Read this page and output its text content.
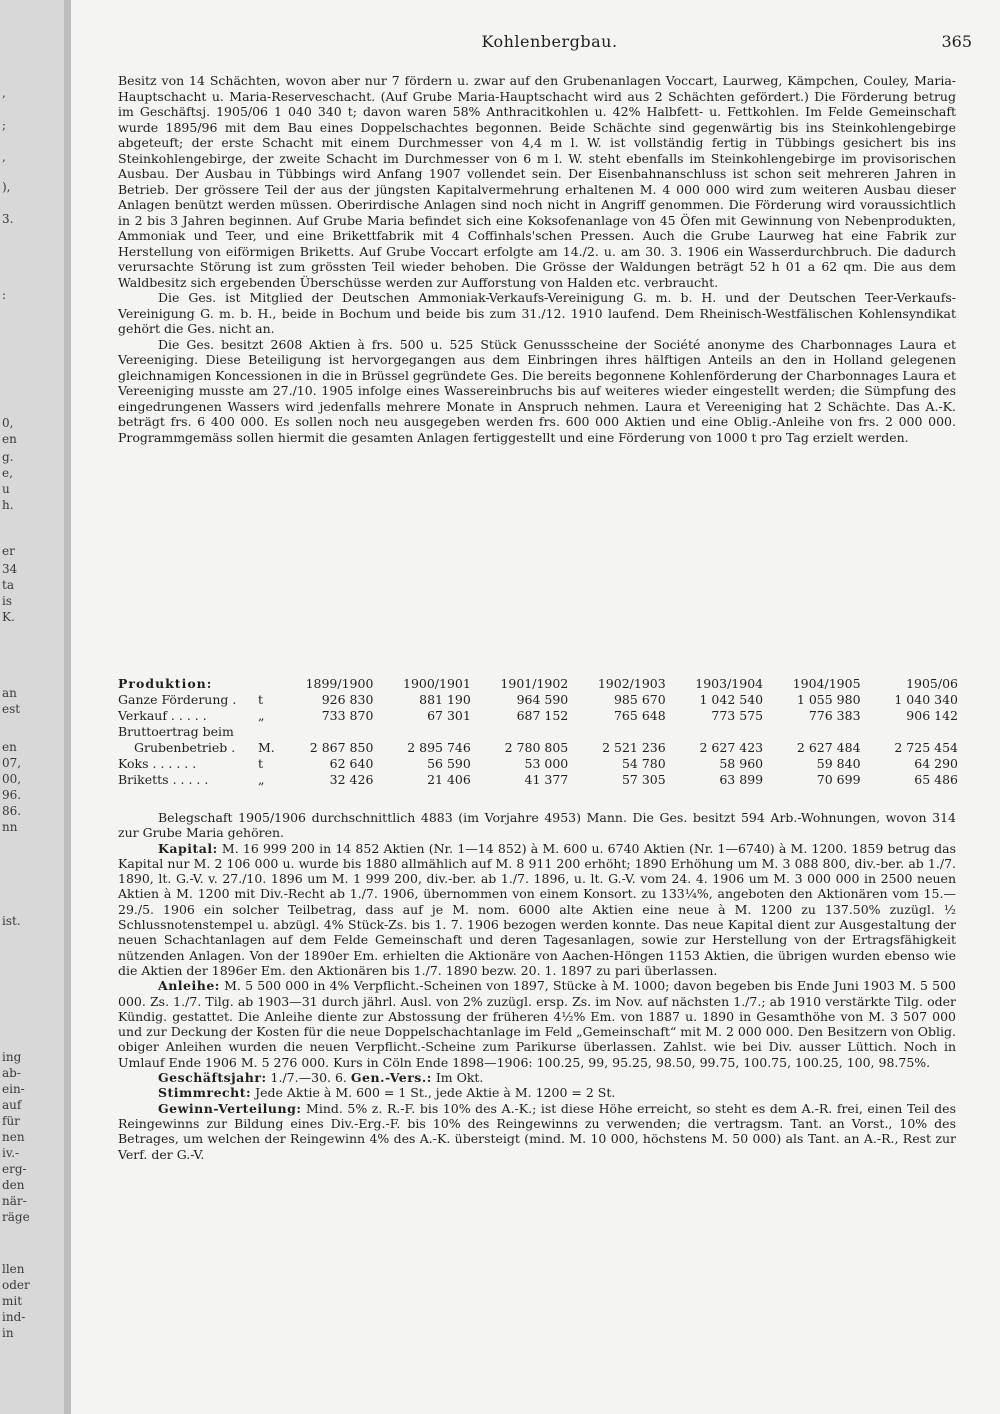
,
;
,
),
3.
:
0,
en
g.
e,
u
h.
er
34
ta
is
K.
an
est
en
07,
00,
96.
86.
nn
ist.
ing
ab-
ein-
auf
für
nen
iv.-
erg-
den
när-
räge
llen
oder
mit
ind-
in
Kohlenbergbau.	365

Besitz von 14 Schächten, wovon aber nur 7 fördern u. zwar auf den Grubenanlagen Voccart, Laurweg, Kämpchen, Couley, Maria-Hauptschacht u. Maria-Reserveschacht. (Auf Grube Maria-Hauptschacht wird aus 2 Schächten gefördert.) Die Förderung betrug im Geschäftsj. 1905/06 1 040 340 t; davon waren 58% Anthracitkohlen u. 42% Halbfett- u. Fettkohlen. Im Felde Gemeinschaft wurde 1895/96 mit dem Bau eines Doppelschachtes begonnen. Beide Schächte sind gegenwärtig bis ins Steinkohlengebirge abgeteuft; der erste Schacht mit einem Durchmesser von 4,4 m l. W. ist vollständig fertig in Tübbings gesichert bis ins Steinkohlengebirge, der zweite Schacht im Durchmesser von 6 m l. W. steht ebenfalls im Steinkohlengebirge im provisorischen Ausbau. Der Ausbau in Tübbings wird Anfang 1907 vollendet sein. Der Eisenbahnanschluss ist schon seit mehreren Jahren in Betrieb. Der grössere Teil der aus der jüngsten Kapitalvermehrung erhaltenen M. 4 000 000 wird zum weiteren Ausbau dieser Anlagen benützt werden müssen. Oberirdische Anlagen sind noch nicht in Angriff genommen. Die Förderung wird voraussichtlich in 2 bis 3 Jahren beginnen. Auf Grube Maria befindet sich eine Koksofenanlage von 45 Öfen mit Gewinnung von Nebenprodukten, Ammoniak und Teer, und eine Brikettfabrik mit 4 Coffinhals'schen Pressen. Auch die Grube Laurweg hat eine Fabrik zur Herstellung von eiförmigen Briketts. Auf Grube Voccart erfolgte am 14./2. u. am 30. 3. 1906 ein Wasserdurchbruch. Die dadurch verursachte Störung ist zum grössten Teil wieder behoben. Die Grösse der Waldungen beträgt 52 h 01 a 62 qm. Die aus dem Waldbesitz sich ergebenden Überschüsse werden zur Aufforstung von Halden etc. verbraucht.

Die Ges. ist Mitglied der Deutschen Ammoniak-Verkaufs-Vereinigung G. m. b. H. und der Deutschen Teer-Verkaufs-Vereinigung G. m. b. H., beide in Bochum und beide bis zum 31./12. 1910 laufend. Dem Rheinisch-Westfälischen Kohlensyndikat gehört die Ges. nicht an.

Die Ges. besitzt 2608 Aktien à frs. 500 u. 525 Stück Genussscheine der Société anonyme des Charbonnages Laura et Vereeniging. Diese Beteiligung ist hervorgegangen aus dem Einbringen ihres hälftigen Anteils an den in Holland gelegenen gleichnamigen Koncessionen in die in Brüssel gegründete Ges. Die bereits begonnene Kohlenförderung der Charbonnages Laura et Vereeniging musste am 27./10. 1905 infolge eines Wassereinbruchs bis auf weiteres wieder eingestellt werden; die Sümpfung des eingedrungenen Wassers wird jedenfalls mehrere Monate in Anspruch nehmen. Laura et Vereeniging hat 2 Schächte. Das A.-K. beträgt frs. 6 400 000. Es sollen noch neu ausgegeben werden frs. 600 000 Aktien und eine Oblig.-Anleihe von frs. 2 000 000. Programmgemäss sollen hiermit die gesamten Anlagen fertiggestellt und eine Förderung von 1000 t pro Tag erzielt werden.

Produktion:		1899/1900	1900/1901	1901/1902	1902/1903	1903/1904	1904/1905	1905/06
Ganze Förderung .	t	926 830	881 190	964 590	985 670	1 042 540	1 055 980	1 040 340
Verkauf . . . . .	„	733 870	67 301	687 152	765 648	773 575	776 383	906 142
Bruttoertrag beim								
Grubenbetrieb .	M.	2 867 850	2 895 746	2 780 805	2 521 236	2 627 423	2 627 484	2 725 454
Koks . . . . . .	t	62 640	56 590	53 000	54 780	58 960	59 840	64 290
Briketts . . . . .	„	32 426	21 406	41 377	57 305	63 899	70 699	65 486

Belegschaft 1905/1906 durchschnittlich 4883 (im Vorjahre 4953) Mann. Die Ges. besitzt 594 Arb.-Wohnungen, wovon 314 zur Grube Maria gehören.

Kapital: M. 16 999 200 in 14 852 Aktien (Nr. 1—14 852) à M. 600 u. 6740 Aktien (Nr. 1—6740) à M. 1200. 1859 betrug das Kapital nur M. 2 106 000 u. wurde bis 1880 allmählich auf M. 8 911 200 erhöht; 1890 Erhöhung um M. 3 088 800, div.-ber. ab 1./7. 1890, lt. G.-V. v. 27./10. 1896 um M. 1 999 200, div.-ber. ab 1./7. 1896, u. lt. G.-V. vom 24. 4. 1906 um M. 3 000 000 in 2500 neuen Aktien à M. 1200 mit Div.-Recht ab 1./7. 1906, übernommen von einem Konsort. zu 133¼%, angeboten den Aktionären vom 15.—29./5. 1906 ein solcher Teilbetrag, dass auf je M. nom. 6000 alte Aktien eine neue à M. 1200 zu 137.50% zuzügl. ½ Schlussnotenstempel u. abzügl. 4% Stück-Zs. bis 1. 7. 1906 bezogen werden konnte. Das neue Kapital dient zur Ausgestaltung der neuen Schachtanlagen auf dem Felde Gemeinschaft und deren Tagesanlagen, sowie zur Herstellung von der Ertragsfähigkeit nützenden Anlagen. Von der 1890er Em. erhielten die Aktionäre von Aachen-Höngen 1153 Aktien, die übrigen wurden ebenso wie die Aktien der 1896er Em. den Aktionären bis 1./7. 1890 bezw. 20. 1. 1897 zu pari überlassen.

Anleihe: M. 5 500 000 in 4% Verpflicht.-Scheinen von 1897, Stücke à M. 1000; davon begeben bis Ende Juni 1903 M. 5 500 000. Zs. 1./7. Tilg. ab 1903—31 durch jährl. Ausl. von 2% zuzügl. ersp. Zs. im Nov. auf nächsten 1./7.; ab 1910 verstärkte Tilg. oder Kündig. gestattet. Die Anleihe diente zur Abstossung der früheren 4½% Em. von 1887 u. 1890 in Gesamthöhe von M. 3 507 000 und zur Deckung der Kosten für die neue Doppelschachtanlage im Feld „Gemeinschaft“ mit M. 2 000 000. Den Besitzern von Oblig. obiger Anleihen wurden die neuen Verpflicht.-Scheine zum Parikurse überlassen. Zahlst. wie bei Div. ausser Lüttich. Noch in Umlauf Ende 1906 M. 5 276 000. Kurs in Cöln Ende 1898—1906: 100.25, 99, 95.25, 98.50, 99.75, 100.75, 100.25, 100, 98.75%.

Geschäftsjahr: 1./7.—30. 6. Gen.-Vers.: Im Okt.

Stimmrecht: Jede Aktie à M. 600 = 1 St., jede Aktie à M. 1200 = 2 St.

Gewinn-Verteilung: Mind. 5% z. R.-F. bis 10% des A.-K.; ist diese Höhe erreicht, so steht es dem A.-R. frei, einen Teil des Reingewinns zur Bildung eines Div.-Erg.-F. bis 10% des Reingewinns zu verwenden; die vertragsm. Tant. an Vorst., 10% des Betrages, um welchen der Reingewinn 4% des A.-K. übersteigt (mind. M. 10 000, höchstens M. 50 000) als Tant. an A.-R., Rest zur Verf. der G.-V.
